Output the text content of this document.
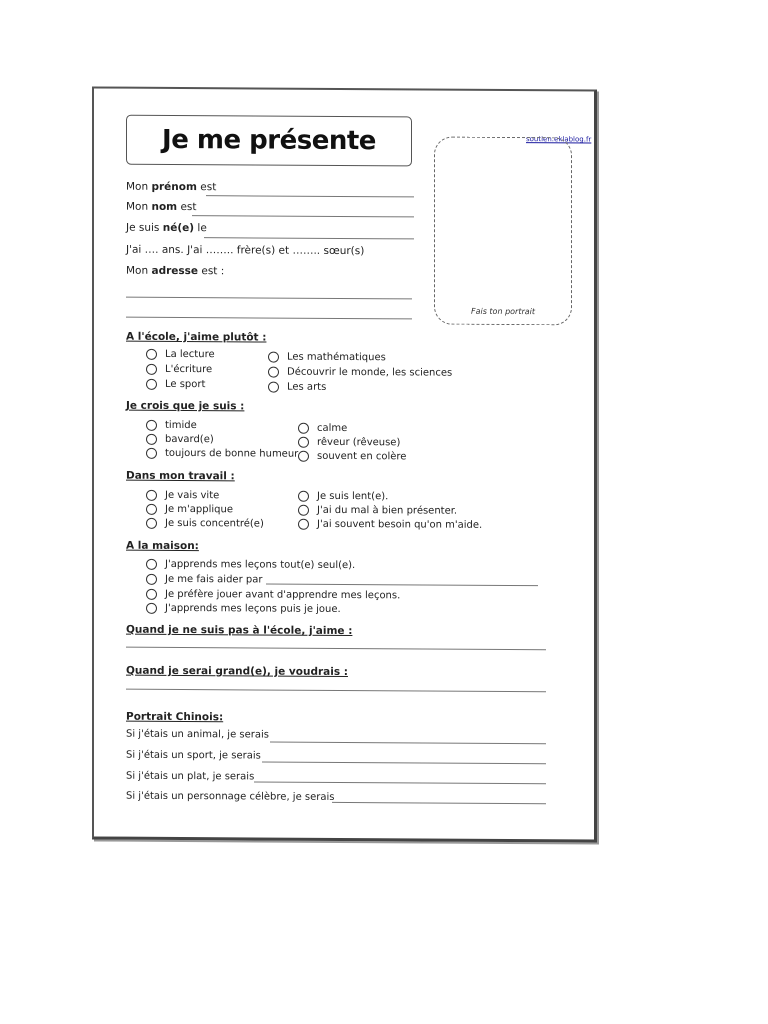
Je me présente	soutien.eklablog.fr
Fais ton portrait
Mon prénom est
Mon nom est
Je suis né(e) le
J'ai …. ans. J'ai …….. frère(s) et …….. sœur(s)
Mon adresse est :
A l'école, j'aime plutôt :
La lecture
L'écriture
Le sport
Les mathématiques
Découvrir le monde, les sciences
Les arts
Je crois que je suis :
timide
bavard(e)
toujours de bonne humeur
calme
rêveur (rêveuse)
souvent en colère
Dans mon travail :
Je vais vite
Je m'applique
Je suis concentré(e)
Je suis lent(e).
J'ai du mal à bien présenter.
J'ai souvent besoin qu'on m'aide.
A la maison:
J'apprends mes leçons tout(e) seul(e).
Je me fais aider par
Je préfère jouer avant d'apprendre mes leçons.
J'apprends mes leçons puis je joue.
Quand je ne suis pas à l'école, j'aime :
Quand je serai grand(e), je voudrais :
Portrait Chinois:
Si j'étais un animal, je serais
Si j'étais un sport, je serais
Si j'étais un plat, je serais
Si j'étais un personnage célèbre, je serais
